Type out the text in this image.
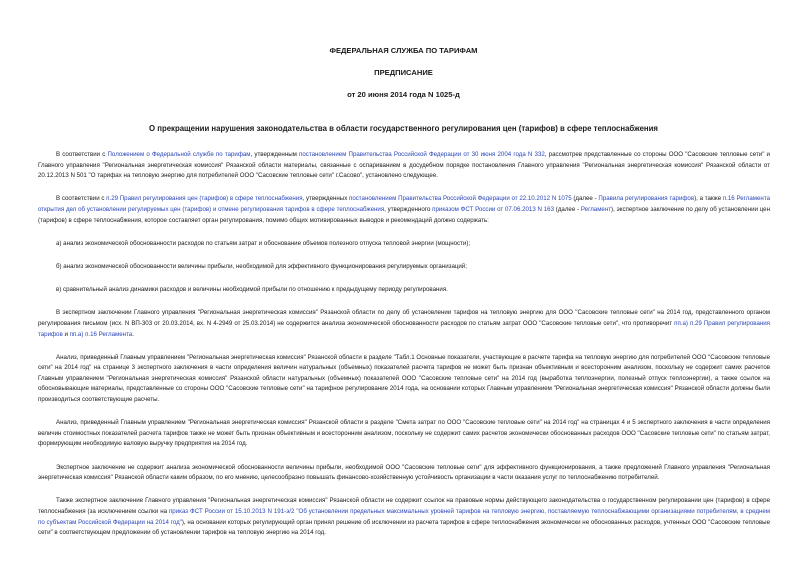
ФЕДЕРАЛЬНАЯ СЛУЖБА ПО ТАРИФАМ
ПРЕДПИСАНИЕ
от 20 июня 2014 года N 1025-д
О прекращении нарушения законодательства в области государственного регулирования цен (тарифов) в сфере теплоснабжения

В соответствии с Положением о Федеральной службе по тарифам, утвержденным постановлением Правительства Российской Федерации от 30 июня 2004 года N 332, рассмотрев представленные со стороны ООО "Сасовские тепловые сети" и Главного управления "Региональная энергетическая комиссия" Рязанской области материалы, связанные с оспариванием в досудебном порядке постановления Главного управления "Региональная энергетическая комиссия" Рязанской области от 20.12.2013 N 501 "О тарифах на тепловую энергию для потребителей ООО "Сасовские тепловые сети" г.Сасово", установлено следующее.

В соответствии с п.29 Правил регулирования цен (тарифов) в сфере теплоснабжения, утвержденных постановлением Правительства Российской Федерации от 22.10.2012 N 1075 (далее - Правила регулирования тарифов), а также п.16 Регламента открытия дел об установлении регулируемых цен (тарифов) и отмене регулирования тарифов в сфере теплоснабжения, утвержденного приказом ФСТ России от 07.06.2013 N 163 (далее - Регламент), экспертное заключение по делу об установлении цен (тарифов) в сфере теплоснабжения, которое составляет орган регулирования, помимо общих мотивированных выводов и рекомендаций должно содержать:

а) анализ экономической обоснованности расходов по статьям затрат и обоснование объемов полезного отпуска тепловой энергии (мощности);

б) анализ экономической обоснованности величины прибыли, необходимой для эффективного функционирования регулируемых организаций;

в) сравнительный анализ динамики расходов и величины необходимой прибыли по отношению к предыдущему периоду регулирования.

В экспертном заключении Главного управления "Региональная энергетическая комиссия" Рязанской области по делу об установлении тарифов на тепловую энергию для ООО "Сасовские тепловые сети" на 2014 год, представленного органом регулирования письмом (исх. N ВП-303 от 20.03.2014, вх. N 4-2949 от 25.03.2014) не содержится анализа экономической обоснованности расходов по статьям затрат ООО "Сасовские тепловые сети", что противоречит пп.а) п.29 Правил регулирования тарифов и пп.а) п.16 Регламента.

Анализ, приведенный Главным управлением "Региональная энергетическая комиссия" Рязанской области в разделе "Табл.1 Основные показатели, участвующие в расчете тарифа на тепловую энергию для потребителей ООО "Сасовские тепловые сети" на 2014 год" на странице 3 экспертного заключения в части определения величин натуральных (объемных) показателей расчета тарифов не может быть признан объективным и всесторонним анализом, поскольку не содержит самих расчетов Главным управлением "Региональная энергетическая комиссия" Рязанской области натуральных (объемных) показателей ООО "Сасовские тепловые сети" на 2014 год (выработка теплоэнергии, полезный отпуск теплоэнергии), а также ссылок на обосновывающие материалы, представленные со стороны ООО "Сасовские тепловые сети" на тарифное регулирование 2014 года, на основании которых Главным управлением "Региональная энергетическая комиссия" Рязанской области должны были производиться соответствующие расчеты.

Анализ, приведенный Главным управлением "Региональная энергетическая комиссия" Рязанской области в разделе "Смета затрат по ООО "Сасовские тепловые сети" на 2014 год" на страницах 4 и 5 экспертного заключения в части определения величин стоимостных показателей расчета тарифов также не может быть признан объективным и всесторонним анализом, поскольку не содержит самих расчетов экономически обоснованных расходов ООО "Сасовские тепловые сети" по статьям затрат, формирующим необходимую валовую выручку предприятия на 2014 год.

Экспертное заключение не содержит анализа экономической обоснованности величины прибыли, необходимой ООО "Сасовские тепловые сети" для эффективного функционирования, а также предложений Главного управления "Региональная энергетическая комиссия" Рязанской области каким образом, по его мнению, целесообразно повышать финансово-хозяйственную устойчивость организации в части оказания услуг по теплоснабжению потребителей.

Также экспертное заключение Главного управления "Региональная энергетическая комиссия" Рязанской области не содержит ссылок на правовые нормы действующего законодательства о государственном регулировании цен (тарифов) в сфере теплоснабжения (за исключением ссылки на приказ ФСТ России от 15.10.2013 N 191-э/2 "Об установлении предельных максимальных уровней тарифов на тепловую энергию, поставляемую теплоснабжающими организациями потребителям, в среднем по субъектам Российской Федерации на 2014 год"), на основании которых регулирующий орган принял решение об исключении из расчета тарифов в сфере теплоснабжения экономически не обоснованных расходов, учтенных ООО "Сасовские тепловые сети" в соответствующем предложении об установлении тарифов на тепловую энергию на 2014 год.
